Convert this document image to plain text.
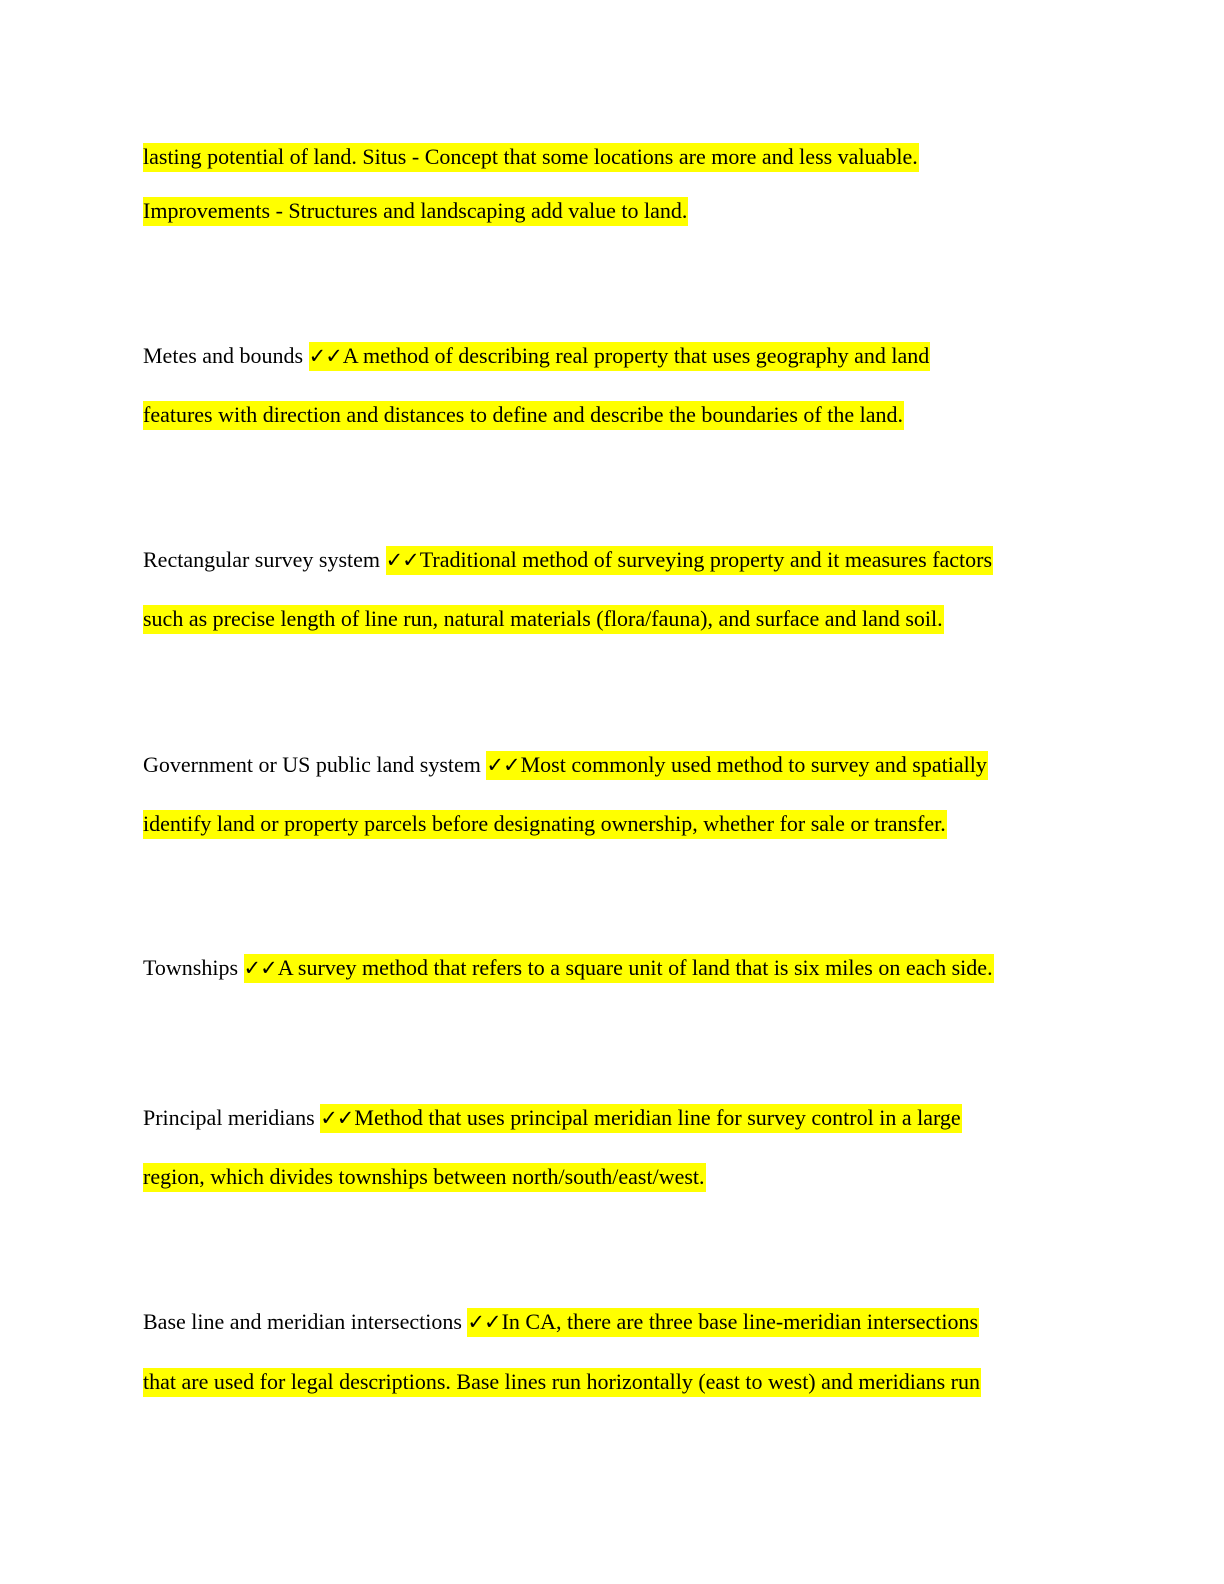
lasting potential of land. Situs - Concept that some locations are more and less valuable.
Improvements - Structures and landscaping add value to land.
Metes and bounds ✓✓A method of describing real property that uses geography and land
features with direction and distances to define and describe the boundaries of the land.
Rectangular survey system ✓✓Traditional method of surveying property and it measures factors
such as precise length of line run, natural materials (flora/fauna), and surface and land soil.
Government or US public land system ✓✓Most commonly used method to survey and spatially
identify land or property parcels before designating ownership, whether for sale or transfer.
Townships ✓✓A survey method that refers to a square unit of land that is six miles on each side.
Principal meridians ✓✓Method that uses principal meridian line for survey control in a large
region, which divides townships between north/south/east/west.
Base line and meridian intersections ✓✓In CA, there are three base line-meridian intersections
that are used for legal descriptions. Base lines run horizontally (east to west) and meridians run
